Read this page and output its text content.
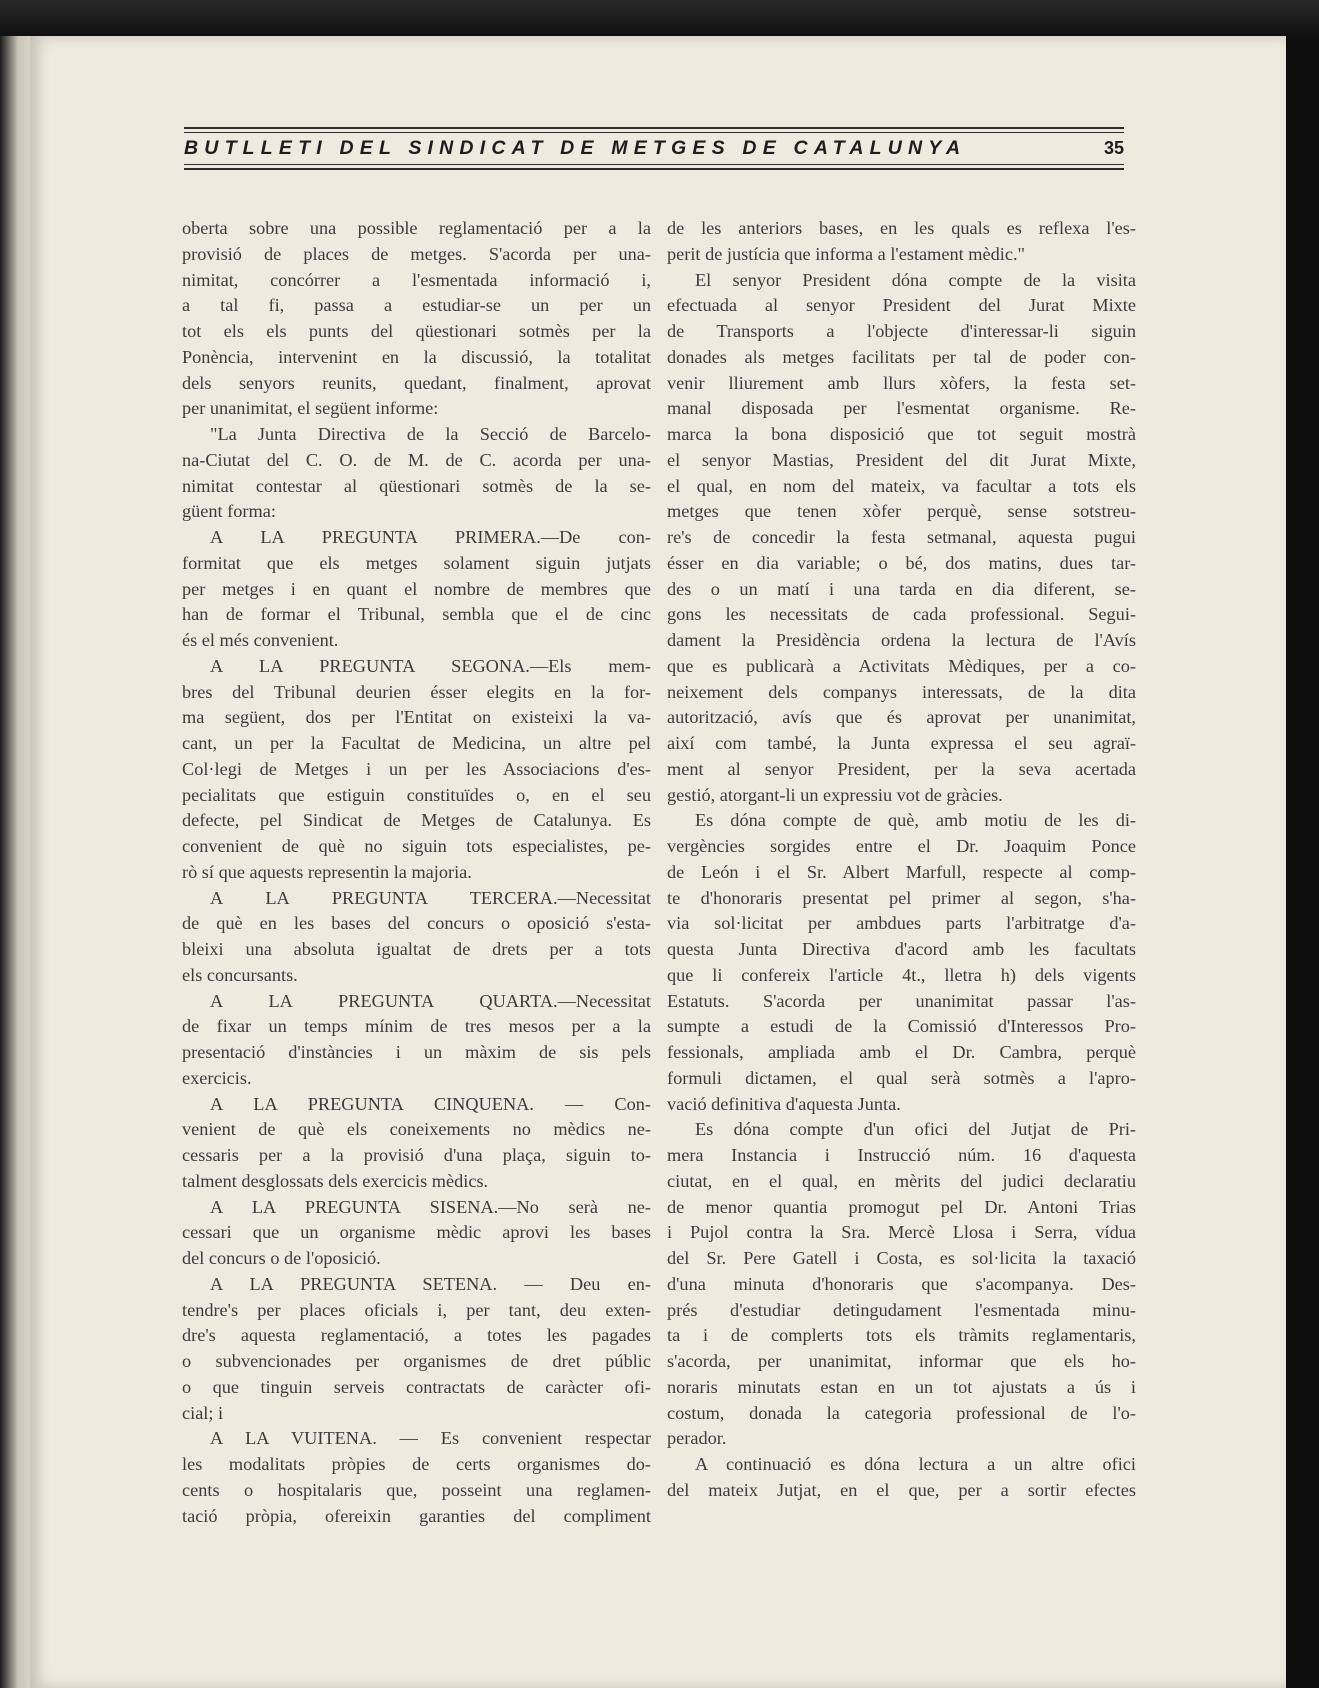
BUTLLETI DEL SINDICAT DE METGES DE CATALUNYA	35
oberta sobre una possible reglamentació per a la
provisió de places de metges. S'acorda per una-
nimitat, concórrer a l'esmentada informació i,
a tal fi, passa a estudiar-se un per un
tot els els punts del qüestionari sotmès per la
Ponència, intervenint en la discussió, la totalitat
dels senyors reunits, quedant, finalment, aprovat
per unanimitat, el següent informe:
"La Junta Directiva de la Secció de Barcelo-
na-Ciutat del C. O. de M. de C. acorda per una-
nimitat contestar al qüestionari sotmès de la se-
güent forma:
A LA PREGUNTA PRIMERA.—De con-
formitat que els metges solament siguin jutjats
per metges i en quant el nombre de membres que
han de formar el Tribunal, sembla que el de cinc
és el més convenient.
A LA PREGUNTA SEGONA.—Els mem-
bres del Tribunal deurien ésser elegits en la for-
ma següent, dos per l'Entitat on existeixi la va-
cant, un per la Facultat de Medicina, un altre pel
Col·legi de Metges i un per les Associacions d'es-
pecialitats que estiguin constituïdes o, en el seu
defecte, pel Sindicat de Metges de Catalunya. Es
convenient de què no siguin tots especialistes, pe-
rò sí que aquests representin la majoria.
A LA PREGUNTA TERCERA.—Necessitat
de què en les bases del concurs o oposició s'esta-
bleixi una absoluta igualtat de drets per a tots
els concursants.
A LA PREGUNTA QUARTA.—Necessitat
de fixar un temps mínim de tres mesos per a la
presentació d'instàncies i un màxim de sis pels
exercicis.
A LA PREGUNTA CINQUENA. — Con-
venient de què els coneixements no mèdics ne-
cessaris per a la provisió d'una plaça, siguin to-
talment desglossats dels exercicis mèdics.
A LA PREGUNTA SISENA.—No serà ne-
cessari que un organisme mèdic aprovi les bases
del concurs o de l'oposició.
A LA PREGUNTA SETENA. — Deu en-
tendre's per places oficials i, per tant, deu exten-
dre's aquesta reglamentació, a totes les pagades
o subvencionades per organismes de dret públic
o que tinguin serveis contractats de caràcter ofi-
cial; i
A LA VUITENA. — Es convenient respectar
les modalitats pròpies de certs organismes do-
cents o hospitalaris que, posseint una reglamen-
tació pròpia, ofereixin garanties del compliment
de les anteriors bases, en les quals es reflexa l'es-
perit de justícia que informa a l'estament mèdic."
El senyor President dóna compte de la visita
efectuada al senyor President del Jurat Mixte
de Transports a l'objecte d'interessar-li siguin
donades als metges facilitats per tal de poder con-
venir lliurement amb llurs xòfers, la festa set-
manal disposada per l'esmentat organisme. Re-
marca la bona disposició que tot seguit mostrà
el senyor Mastias, President del dit Jurat Mixte,
el qual, en nom del mateix, va facultar a tots els
metges que tenen xòfer perquè, sense sotstreu-
re's de concedir la festa setmanal, aquesta pugui
ésser en dia variable; o bé, dos matins, dues tar-
des o un matí i una tarda en dia diferent, se-
gons les necessitats de cada professional. Segui-
dament la Presidència ordena la lectura de l'Avís
que es publicarà a Activitats Mèdiques, per a co-
neixement dels companys interessats, de la dita
autorització, avís que és aprovat per unanimitat,
així com també, la Junta expressa el seu agraï-
ment al senyor President, per la seva acertada
gestió, atorgant-li un expressiu vot de gràcies.
Es dóna compte de què, amb motiu de les di-
vergències sorgides entre el Dr. Joaquim Ponce
de León i el Sr. Albert Marfull, respecte al comp-
te d'honoraris presentat pel primer al segon, s'ha-
via sol·licitat per ambdues parts l'arbitratge d'a-
questa Junta Directiva d'acord amb les facultats
que li confereix l'article 4t., lletra h) dels vigents
Estatuts. S'acorda per unanimitat passar l'as-
sumpte a estudi de la Comissió d'Interessos Pro-
fessionals, ampliada amb el Dr. Cambra, perquè
formuli dictamen, el qual serà sotmès a l'apro-
vació definitiva d'aquesta Junta.
Es dóna compte d'un ofici del Jutjat de Pri-
mera Instancia i Instrucció núm. 16 d'aquesta
ciutat, en el qual, en mèrits del judici declaratiu
de menor quantia promogut pel Dr. Antoni Trias
i Pujol contra la Sra. Mercè Llosa i Serra, vídua
del Sr. Pere Gatell i Costa, es sol·licita la taxació
d'una minuta d'honoraris que s'acompanya. Des-
prés d'estudiar detingudament l'esmentada minu-
ta i de complerts tots els tràmits reglamentaris,
s'acorda, per unanimitat, informar que els ho-
noraris minutats estan en un tot ajustats a ús i
costum, donada la categoria professional de l'o-
perador.
A continuació es dóna lectura a un altre ofici
del mateix Jutjat, en el que, per a sortir efectes
